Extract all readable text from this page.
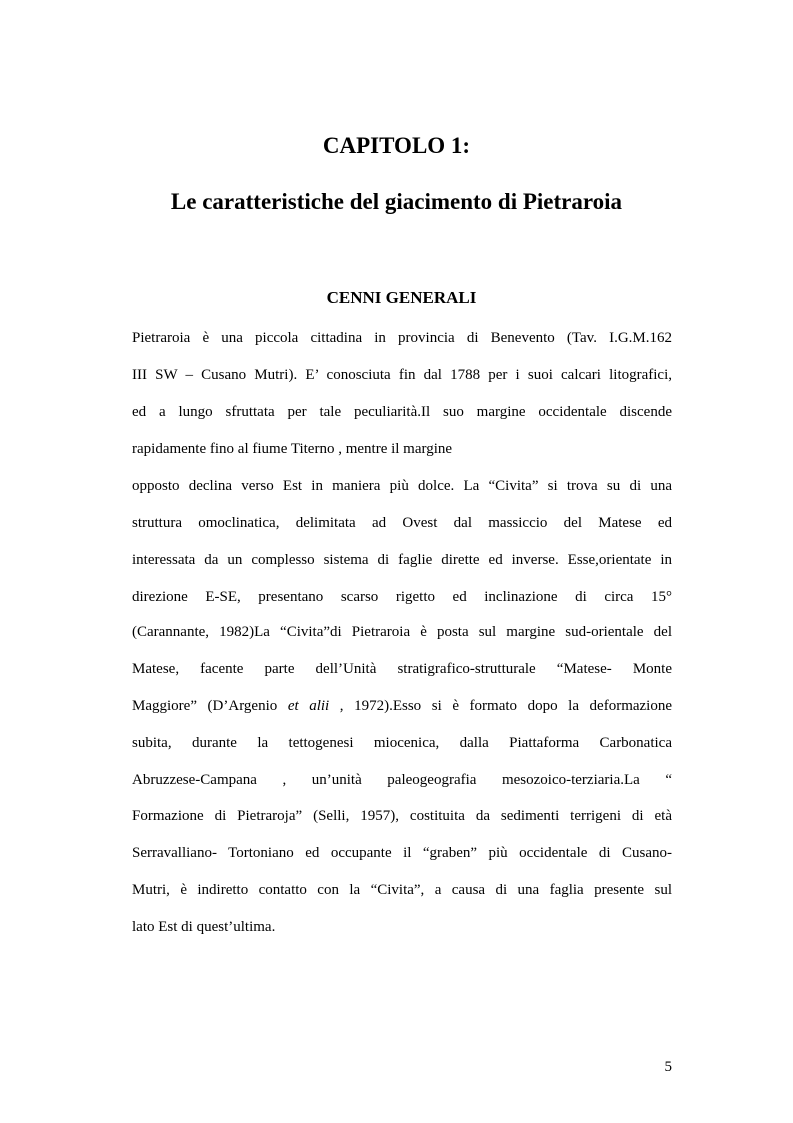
CAPITOLO 1:
Le caratteristiche del giacimento di Pietraroia
CENNI GENERALI
Pietraroia è una piccola cittadina in provincia di Benevento (Tav. I.G.M.162
III SW – Cusano Mutri). E’ conosciuta fin dal 1788 per i suoi calcari litografici,
ed a lungo sfruttata per tale peculiarità.Il suo margine occidentale discende
rapidamente fino al fiume Titerno , mentre il margine
opposto declina verso Est in maniera più dolce. La “Civita” si trova su di una
struttura omoclinatica, delimitata ad Ovest dal massiccio del Matese ed
interessata da un complesso sistema di faglie dirette ed inverse. Esse,orientate in
direzione E-SE, presentano scarso rigetto ed inclinazione di circa 15°
(Carannante, 1982)La “Civita”di Pietraroia è posta sul margine sud-orientale del
Matese, facente parte dell’Unità stratigrafico-strutturale “Matese- Monte
Maggiore” (D’Argenio et alii , 1972).Esso si è formato dopo la deformazione
subita, durante la tettogenesi miocenica, dalla Piattaforma Carbonatica
Abruzzese-Campana , un’unità paleogeografia mesozoico-terziaria.La “
Formazione di Pietraroja” (Selli, 1957), costituita da sedimenti terrigeni di età
Serravalliano- Tortoniano ed occupante il “graben” più occidentale di Cusano-
Mutri, è indiretto contatto con la “Civita”, a causa di una faglia presente sul
lato Est di quest’ultima.
5
